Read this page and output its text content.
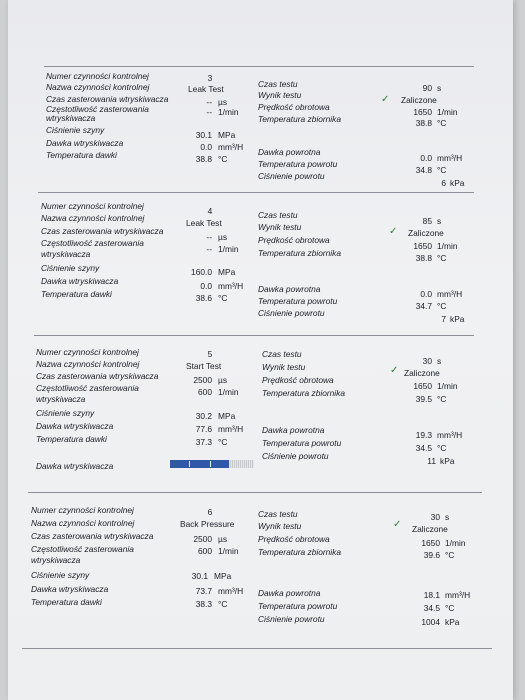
Numer czynności kontrolnej
Nazwa czynności kontrolnej
Czas zasterowania wtryskiwacza
Częstotliwość zasterowania
wtryskiwacza
Ciśnienie szyny
Dawka wtryskiwacza
Temperatura dawki
3
Leak Test
-- µs
-- 1/min
30.1 MPa
0.0 mm³/H
38.8 °C
Czas testu
Wynik testu
Prędkość obrotowa
Temperatura zbiornika
Dawka powrotna
Temperatura powrotu
Ciśnienie powrotu
90 s
✓ Zaliczone
1650 1/min
38.8 °C
0.0 mm³/H
34.8 °C
6 kPa
Numer czynności kontrolnej
Nazwa czynności kontrolnej
Czas zasterowania wtryskiwacza
Częstotliwość zasterowania
wtryskiwacza
Ciśnienie szyny
Dawka wtryskiwacza
Temperatura dawki
4
Leak Test
-- µs
-- 1/min
160.0 MPa
0.0 mm³/H
38.6 °C
Czas testu
Wynik testu
Prędkość obrotowa
Temperatura zbiornika
Dawka powrotna
Temperatura powrotu
Ciśnienie powrotu
85 s
✓ Zaliczone
1650 1/min
38.8 °C
0.0 mm³/H
34.7 °C
7 kPa
Numer czynności kontrolnej
Nazwa czynności kontrolnej
Czas zasterowania wtryskiwacza
Częstotliwość zasterowania
wtryskiwacza
Ciśnienie szyny
Dawka wtryskiwacza
Temperatura dawki
5
Start Test
2500 µs
600 1/min
30.2 MPa
77.6 mm³/H
37.3 °C
Dawka wtryskiwacza
Czas testu
Wynik testu
Prędkość obrotowa
Temperatura zbiornika
Dawka powrotna
Temperatura powrotu
Ciśnienie powrotu
30 s
✓ Zaliczone
1650 1/min
39.5 °C
19.3 mm³/H
34.5 °C
11 kPa
Numer czynności kontrolnej
Nazwa czynności kontrolnej
Czas zasterowania wtryskiwacza
Częstotliwość zasterowania
wtryskiwacza
Ciśnienie szyny
Dawka wtryskiwacza
Temperatura dawki
6
Back Pressure
2500 µs
600 1/min
30.1 MPa
73.7 mm³/H
38.3 °C
Czas testu
Wynik testu
Prędkość obrotowa
Temperatura zbiornika
Dawka powrotna
Temperatura powrotu
Ciśnienie powrotu
30 s
✓ Zaliczone
1650 1/min
39.6 °C
18.1 mm³/H
34.5 °C
1004 kPa
